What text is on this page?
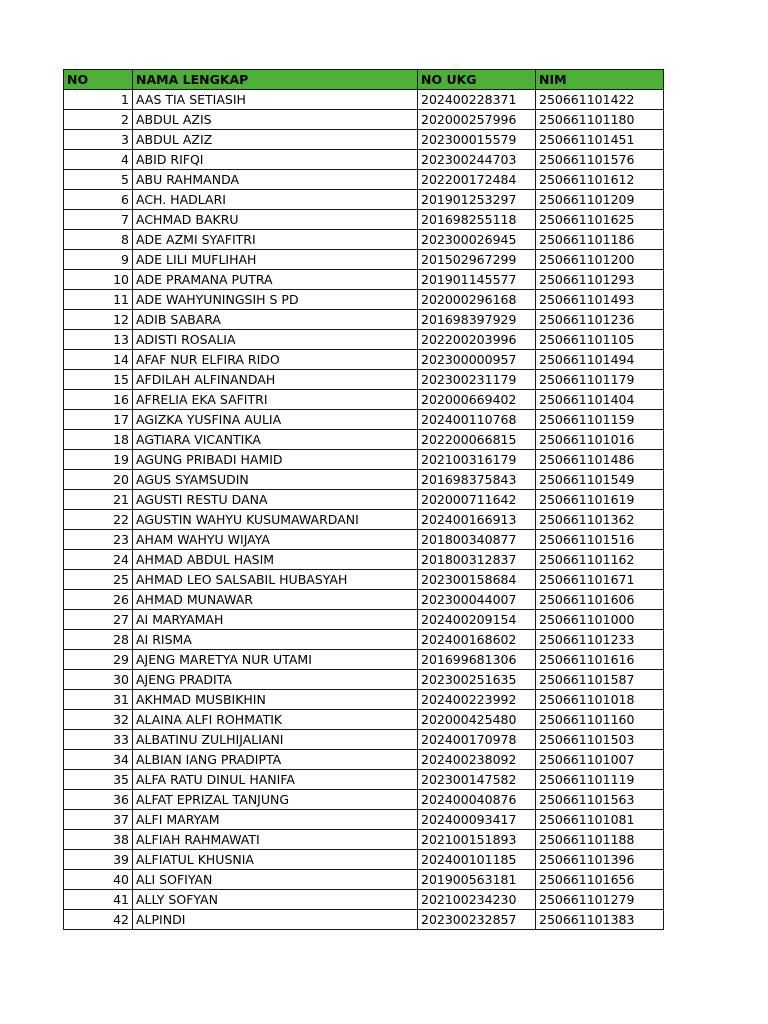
NO	NAMA LENGKAP	NO UKG	NIM
1	AAS TIA SETIASIH	202400228371	250661101422
2	ABDUL AZIS	202000257996	250661101180
3	ABDUL AZIZ	202300015579	250661101451
4	ABID RIFQI	202300244703	250661101576
5	ABU RAHMANDA	202200172484	250661101612
6	ACH. HADLARI	201901253297	250661101209
7	ACHMAD BAKRU	201698255118	250661101625
8	ADE AZMI SYAFITRI	202300026945	250661101186
9	ADE LILI MUFLIHAH	201502967299	250661101200
10	ADE PRAMANA PUTRA	201901145577	250661101293
11	ADE WAHYUNINGSIH S PD	202000296168	250661101493
12	ADIB SABARA	201698397929	250661101236
13	ADISTI ROSALIA	202200203996	250661101105
14	AFAF NUR ELFIRA RIDO	202300000957	250661101494
15	AFDILAH ALFINANDAH	202300231179	250661101179
16	AFRELIA EKA SAFITRI	202000669402	250661101404
17	AGIZKA YUSFINA AULIA	202400110768	250661101159
18	AGTIARA VICANTIKA	202200066815	250661101016
19	AGUNG PRIBADI HAMID	202100316179	250661101486
20	AGUS SYAMSUDIN	201698375843	250661101549
21	AGUSTI RESTU DANA	202000711642	250661101619
22	AGUSTIN WAHYU KUSUMAWARDANI	202400166913	250661101362
23	AHAM WAHYU WIJAYA	201800340877	250661101516
24	AHMAD ABDUL HASIM	201800312837	250661101162
25	AHMAD LEO SALSABIL HUBASYAH	202300158684	250661101671
26	AHMAD MUNAWAR	202300044007	250661101606
27	AI MARYAMAH	202400209154	250661101000
28	AI RISMA	202400168602	250661101233
29	AJENG MARETYA NUR UTAMI	201699681306	250661101616
30	AJENG PRADITA	202300251635	250661101587
31	AKHMAD MUSBIKHIN	202400223992	250661101018
32	ALAINA ALFI ROHMATIK	202000425480	250661101160
33	ALBATINU ZULHIJALIANI	202400170978	250661101503
34	ALBIAN IANG PRADIPTA	202400238092	250661101007
35	ALFA RATU DINUL HANIFA	202300147582	250661101119
36	ALFAT EPRIZAL TANJUNG	202400040876	250661101563
37	ALFI MARYAM	202400093417	250661101081
38	ALFIAH RAHMAWATI	202100151893	250661101188
39	ALFIATUL KHUSNIA	202400101185	250661101396
40	ALI SOFIYAN	201900563181	250661101656
41	ALLY SOFYAN	202100234230	250661101279
42	ALPINDI	202300232857	250661101383
